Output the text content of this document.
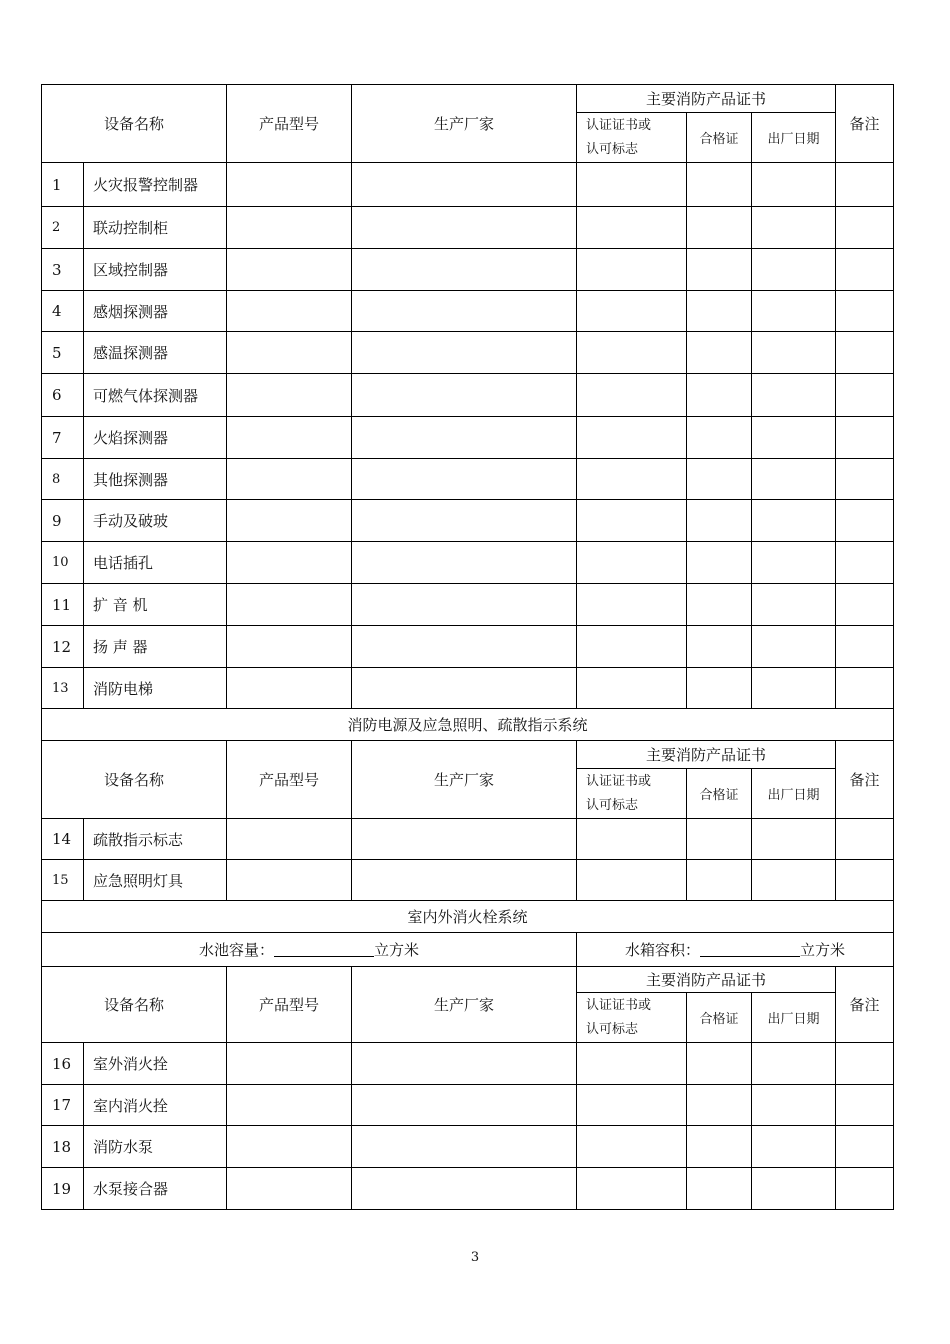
设备名称		产品型号	生产厂家	主要消防产品证书			备注

				认证证书或
认可标志	合格证	出厂日期	
1	火灾报警控制器						
2	联动控制柜						
3	区域控制器						
4	感烟探测器						
5	感温探测器						
6	可燃气体探测器						
7	火焰探测器						
8	其他探测器						
9	手动及破玻						
10	电话插孔						
11	扩 音 机						
12	扬 声 器						
13	消防电梯						
消防电源及应急照明、疏散指示系统							
设备名称		产品型号	生产厂家	主要消防产品证书			备注

				认证证书或
认可标志	合格证	出厂日期	
14	疏散指示标志						
15	应急照明灯具						
室内外消火栓系统							
水池容量： 立方米				水箱容积： 立方米			
设备名称		产品型号	生产厂家	主要消防产品证书			备注

				认证证书或
认可标志	合格证	出厂日期	
16	室外消火拴						
17	室内消火拴						
18	消防水泵						
19	水泵接合器						
3
